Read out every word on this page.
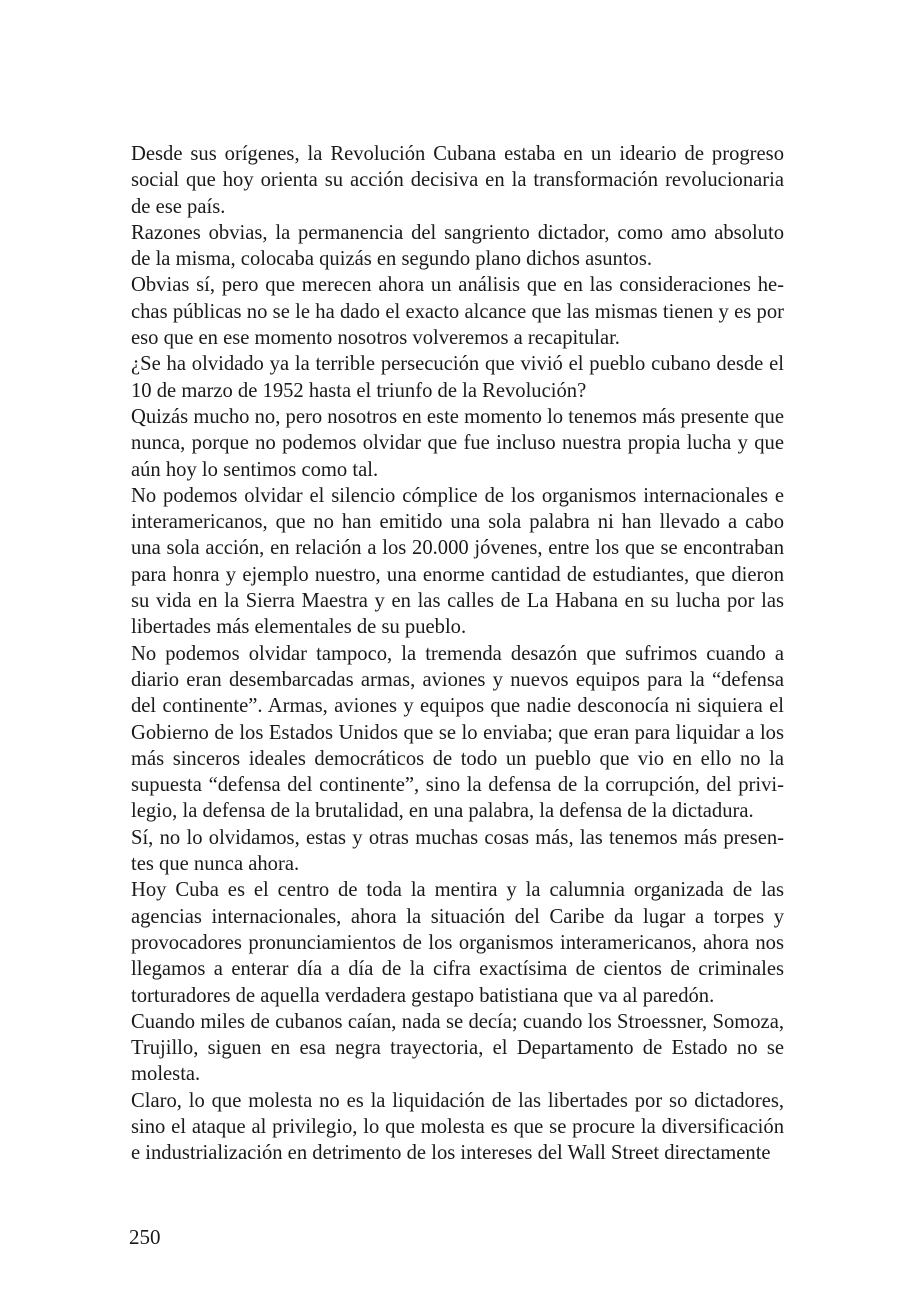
Desde sus orígenes, la Revolución Cubana estaba en un ideario de progreso social que hoy orienta su acción decisiva en la transformación revolucionaria de ese país.

Razones obvias, la permanencia del sangriento dictador, como amo absoluto de la misma, colocaba quizás en segundo plano dichos asuntos.

Obvias sí, pero que merecen ahora un análisis que en las consideraciones hechas públicas no se le ha dado el exacto alcance que las mismas tienen y es por eso que en ese momento nosotros volveremos a recapitular.

¿Se ha olvidado ya la terrible persecución que vivió el pueblo cubano desde el 10 de marzo de 1952 hasta el triunfo de la Revolución?

Quizás mucho no, pero nosotros en este momento lo tenemos más presente que nunca, porque no podemos olvidar que fue incluso nuestra propia lucha y que aún hoy lo sentimos como tal.

No podemos olvidar el silencio cómplice de los organismos internacionales e interamericanos, que no han emitido una sola palabra ni han llevado a cabo una sola acción, en relación a los 20.000 jóvenes, entre los que se encontraban para honra y ejemplo nuestro, una enorme cantidad de estudiantes, que dieron su vida en la Sierra Maestra y en las calles de La Habana en su lucha por las libertades más elementales de su pueblo.

No podemos olvidar tampoco, la tremenda desazón que sufrimos cuando a diario eran desembarcadas armas, aviones y nuevos equipos para la “defensa del continente”. Armas, aviones y equipos que nadie desconocía ni siquiera el Gobierno de los Estados Unidos que se lo enviaba; que eran para liquidar a los más sinceros ideales democráticos de todo un pueblo que vio en ello no la supuesta “defensa del continente”, sino la defensa de la corrupción, del privilegio, la defensa de la brutalidad, en una palabra, la defensa de la dictadura.

Sí, no lo olvidamos, estas y otras muchas cosas más, las tenemos más presentes que nunca ahora.

Hoy Cuba es el centro de toda la mentira y la calumnia organizada de las agencias internacionales, ahora la situación del Caribe da lugar a torpes y provocadores pronunciamientos de los organismos interamericanos, ahora nos llegamos a enterar día a día de la cifra exactísima de cientos de criminales torturadores de aquella verdadera gestapo batistiana que va al paredón.

Cuando miles de cubanos caían, nada se decía; cuando los Stroessner, Somoza, Trujillo, siguen en esa negra trayectoria, el Departamento de Estado no se molesta.

Claro, lo que molesta no es la liquidación de las libertades por so dictadores, sino el ataque al privilegio, lo que molesta es que se procure la diversificación e industrialización en detrimento de los intereses del Wall Street directamente

250
